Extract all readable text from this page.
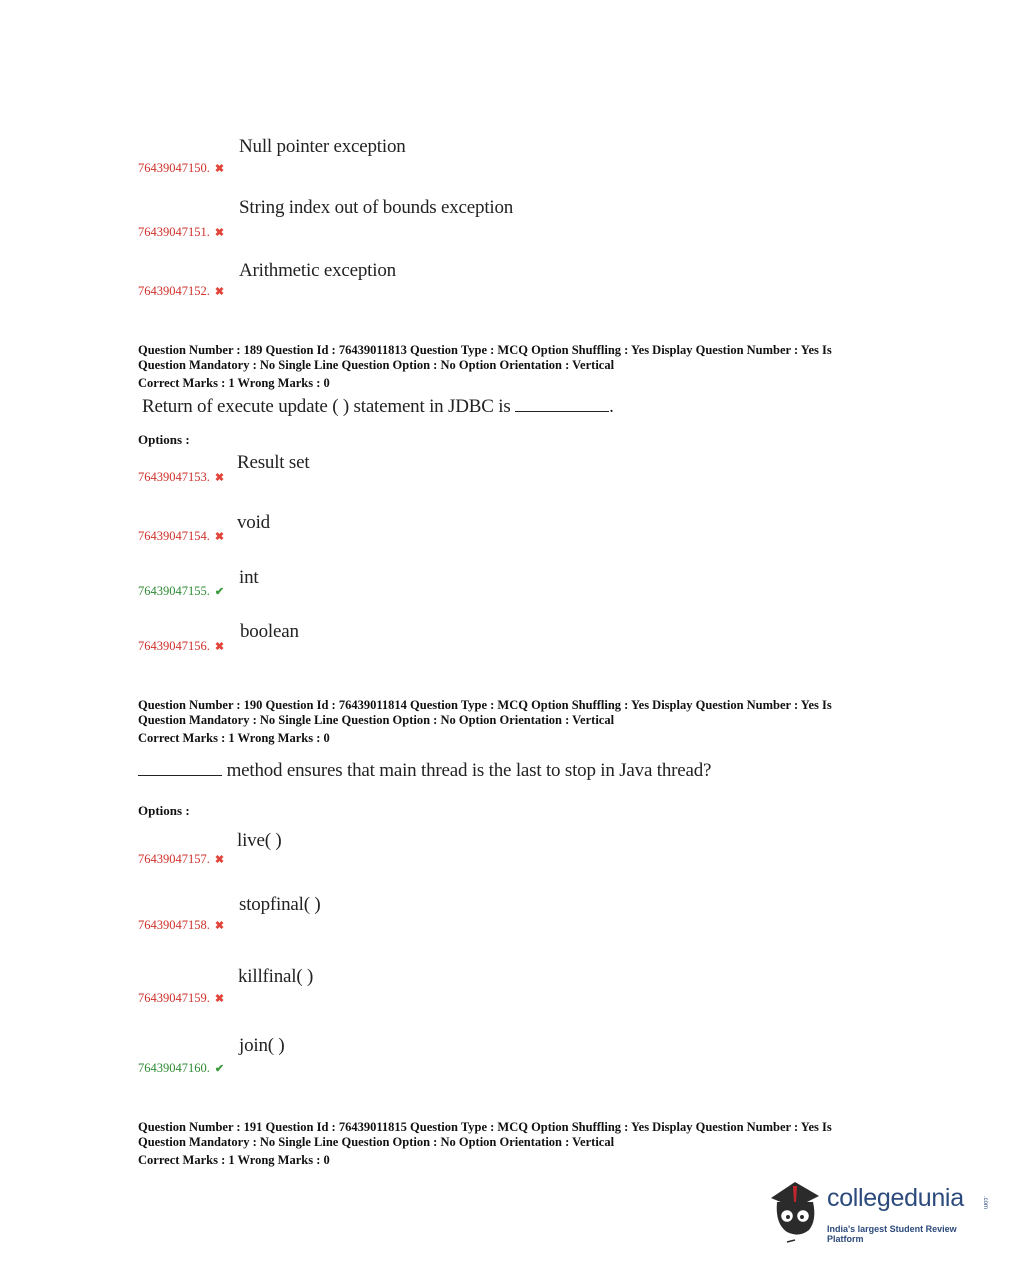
Null pointer exception
76439047150. ✖
String index out of bounds exception
76439047151. ✖
Arithmetic exception
76439047152. ✖
Question Number : 189 Question Id : 76439011813 Question Type : MCQ Option Shuffling : Yes Display Question Number : Yes Is
Question Mandatory : No Single Line Question Option : No Option Orientation : Vertical
Correct Marks : 1 Wrong Marks : 0
Return of execute update ( ) statement in JDBC is	.
Options :
Result set
76439047153. ✖
void
76439047154. ✖
int
76439047155. ✔
boolean
76439047156. ✖
Question Number : 190 Question Id : 76439011814 Question Type : MCQ Option Shuffling : Yes Display Question Number : Yes Is
Question Mandatory : No Single Line Question Option : No Option Orientation : Vertical
Correct Marks : 1 Wrong Marks : 0
method ensures that main thread is the last to stop in Java thread?
Options :
live( )
76439047157. ✖
stopfinal( )
76439047158. ✖
killfinal( )
76439047159. ✖
join( )
76439047160. ✔
Question Number : 191 Question Id : 76439011815 Question Type : MCQ Option Shuffling : Yes Display Question Number : Yes Is
Question Mandatory : No Single Line Question Option : No Option Orientation : Vertical
Correct Marks : 1 Wrong Marks : 0
collegedunia	.com
India's largest Student Review Platform
